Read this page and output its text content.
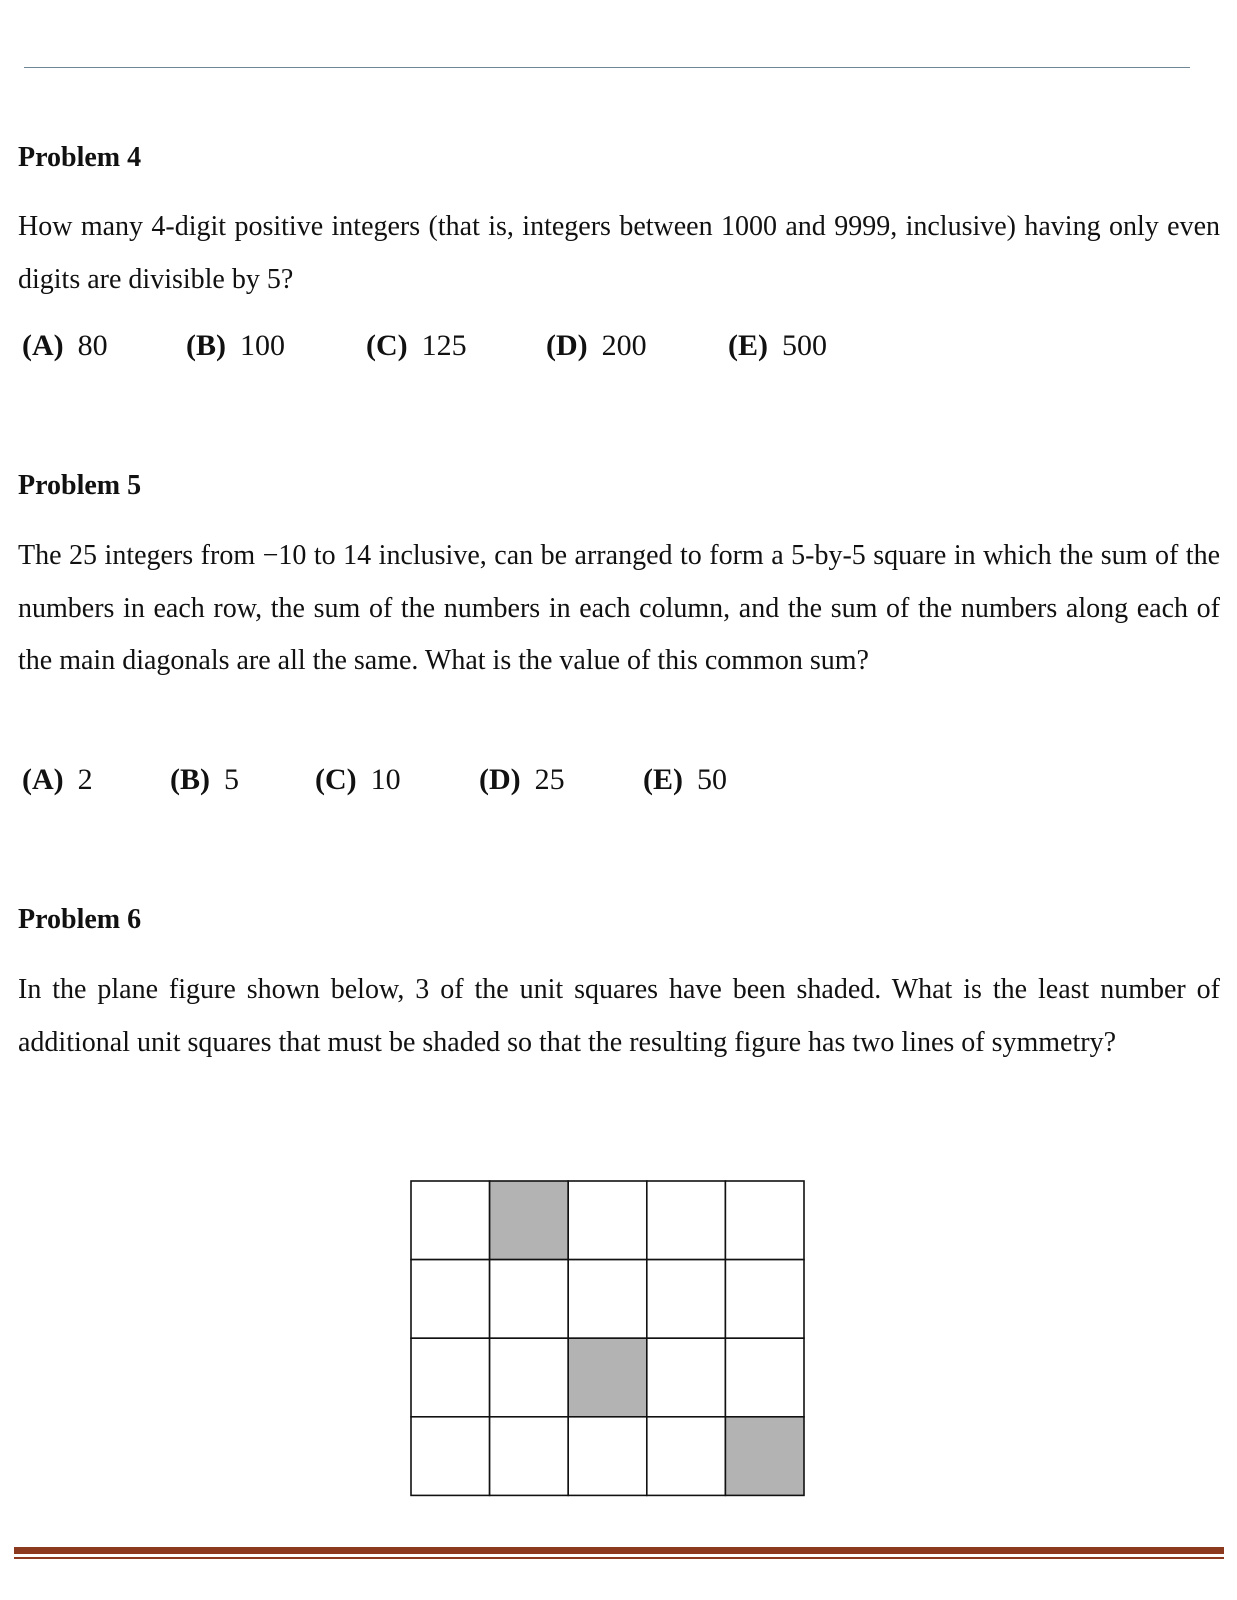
Problem 4

How many 4-digit positive integers (that is, integers between 1000 and 9999, inclusive) having only even digits are divisible by 5?

(A) 80	(B) 100	(C) 125	(D) 200	(E) 500
Problem 5

The 25 integers from −10 to 14 inclusive, can be arranged to form a 5-by-5 square in which the sum of the numbers in each row, the sum of the numbers in each column, and the sum of the numbers along each of the main diagonals are all the same. What is the value of this common sum?

(A) 2	(B) 5	(C) 10	(D) 25	(E) 50
Problem 6

In the plane figure shown below, 3 of the unit squares have been shaded. What is the least number of additional unit squares that must be shaded so that the resulting figure has two lines of symmetry?
